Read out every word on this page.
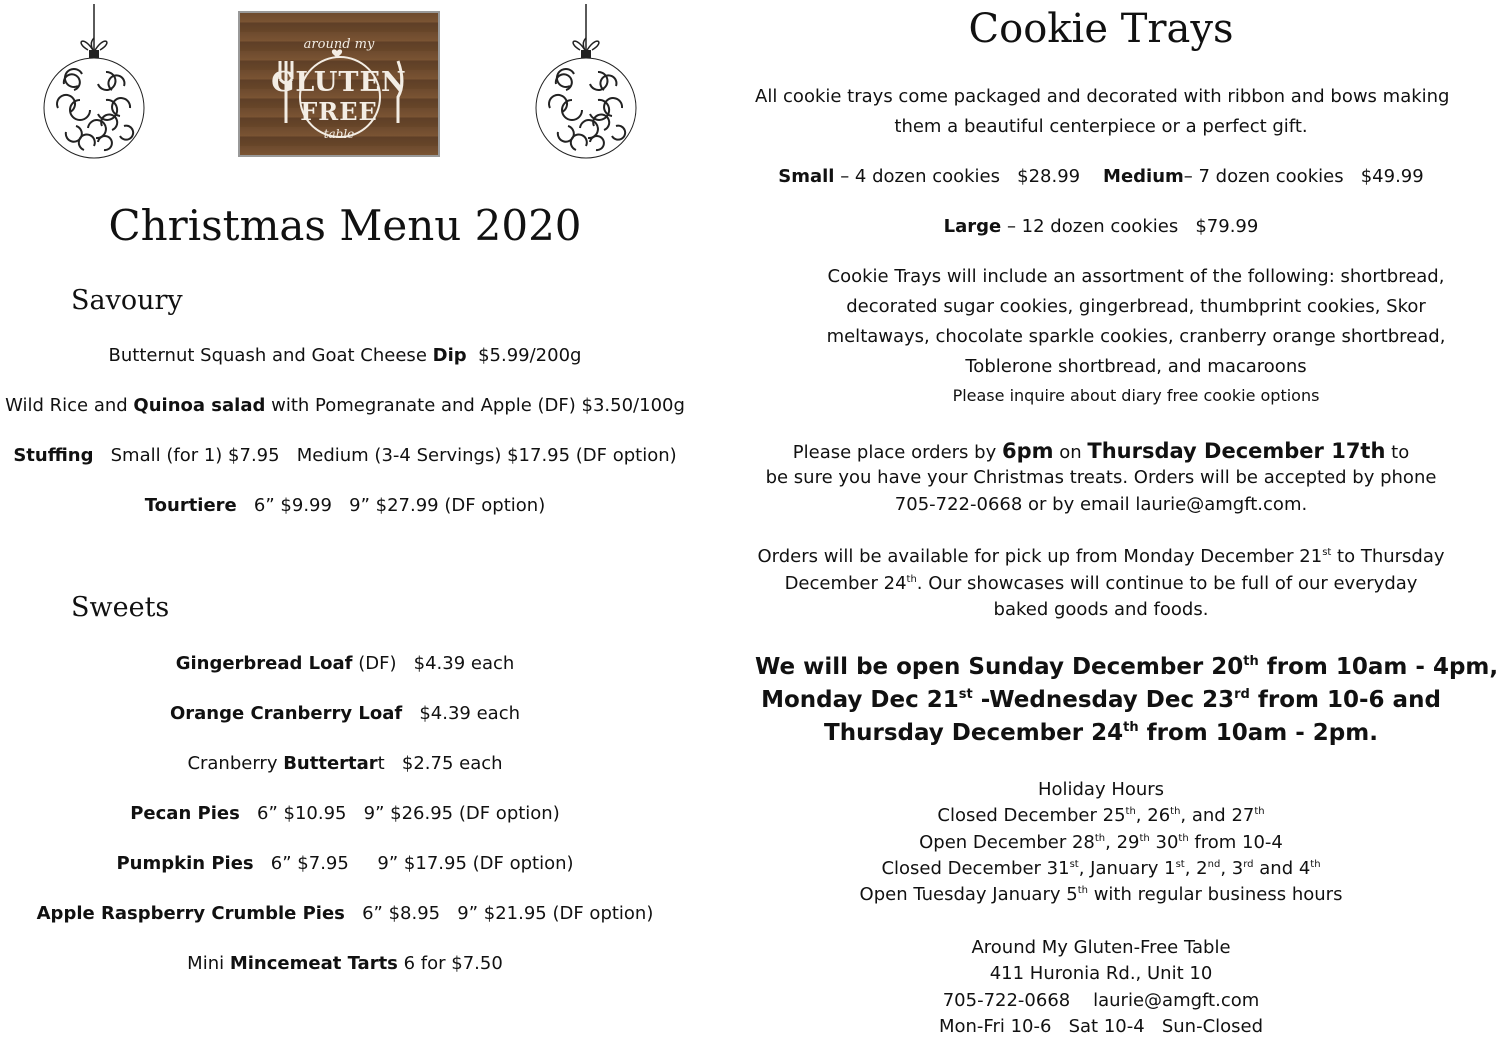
around my
GLUTEN
FREE
table
Christmas Menu 2020
Savoury
Butternut Squash and Goat Cheese Dip  $5.99/200g
Wild Rice and Quinoa salad with Pomegranate and Apple (DF) $3.50/100g
Stuffing   Small (for 1) $7.95   Medium (3-4 Servings) $17.95 (DF option)
Tourtiere   6” $9.99   9” $27.99 (DF option)
Sweets
Gingerbread Loaf (DF)   $4.39 each
Orange Cranberry Loaf   $4.39 each
Cranberry Buttertart   $2.75 each
Pecan Pies   6” $10.95   9” $26.95 (DF option)
Pumpkin Pies   6” $7.95     9” $17.95 (DF option)
Apple Raspberry Crumble Pies   6” $8.95   9” $21.95 (DF option)
Mini Mincemeat Tarts 6 for $7.50
Cookie Trays
All cookie trays come packaged and decorated with ribbon and bows making
them a beautiful centerpiece or a perfect gift.
Small – 4 dozen cookies   $28.99    Medium– 7 dozen cookies   $49.99
Large – 12 dozen cookies   $79.99
Cookie Trays will include an assortment of the following: shortbread,
decorated sugar cookies, gingerbread, thumbprint cookies, Skor
meltaways, chocolate sparkle cookies, cranberry orange shortbread,
Toblerone shortbread, and macaroons
Please inquire about diary free cookie options
Please place orders by 6pm on Thursday December 17th to
be sure you have your Christmas treats. Orders will be accepted by phone
705-722-0668 or by email laurie@amgft.com.
Orders will be available for pick up from Monday December 21st to Thursday
December 24th. Our showcases will continue to be full of our everyday
baked goods and foods.
We will be open Sunday December 20th from 10am - 4pm,
Monday Dec 21st -Wednesday Dec 23rd from 10-6 and
Thursday December 24th from 10am - 2pm.
Holiday Hours
Closed December 25th, 26th, and 27th
Open December 28th, 29th 30th from 10-4
Closed December 31st, January 1st, 2nd, 3rd and 4th
Open Tuesday January 5th with regular business hours
Around My Gluten-Free Table
411 Huronia Rd., Unit 10
705-722-0668    laurie@amgft.com
Mon-Fri 10-6   Sat 10-4   Sun-Closed
